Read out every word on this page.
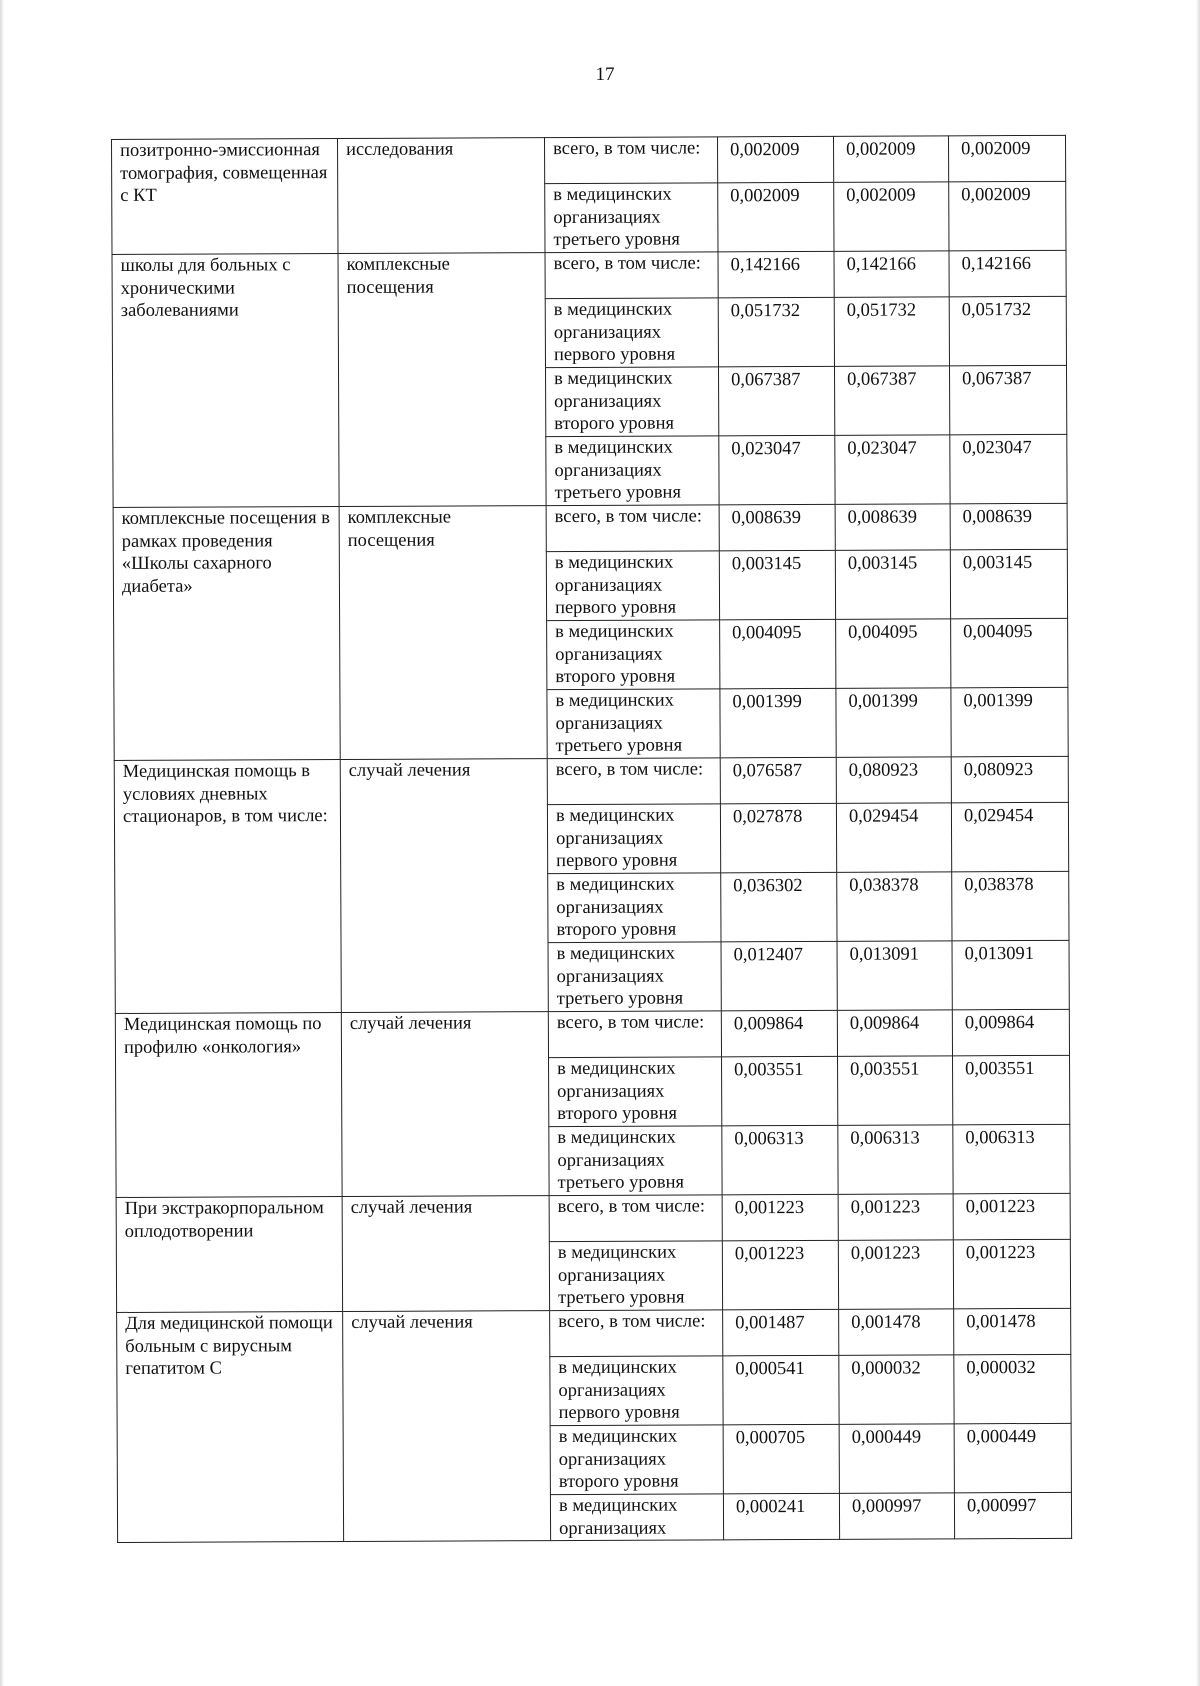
17
позитронно-эмиссионная томография, совмещенная с КТ	исследования	всего, в том числе:	0,002009	0,002009	0,002009
		в медицинских организациях третьего уровня	0,002009	0,002009	0,002009
школы для больных с хроническими заболеваниями	комплексные посещения	всего, в том числе:	0,142166	0,142166	0,142166
		в медицинских организациях первого уровня	0,051732	0,051732	0,051732
		в медицинских организациях второго уровня	0,067387	0,067387	0,067387
		в медицинских организациях третьего уровня	0,023047	0,023047	0,023047
комплексные посещения в рамках проведения «Школы сахарного диабета»	комплексные посещения	всего, в том числе:	0,008639	0,008639	0,008639
		в медицинских организациях первого уровня	0,003145	0,003145	0,003145
		в медицинских организациях второго уровня	0,004095	0,004095	0,004095
		в медицинских организациях третьего уровня	0,001399	0,001399	0,001399
Медицинская помощь в условиях дневных стационаров, в том числе:	случай лечения	всего, в том числе:	0,076587	0,080923	0,080923
		в медицинских организациях первого уровня	0,027878	0,029454	0,029454
		в медицинских организациях второго уровня	0,036302	0,038378	0,038378
		в медицинских организациях третьего уровня	0,012407	0,013091	0,013091
Медицинская помощь по профилю «онкология»	случай лечения	всего, в том числе:	0,009864	0,009864	0,009864
		в медицинских организациях второго уровня	0,003551	0,003551	0,003551
		в медицинских организациях третьего уровня	0,006313	0,006313	0,006313
При экстракорпоральном оплодотворении	случай лечения	всего, в том числе:	0,001223	0,001223	0,001223
		в медицинских организациях третьего уровня	0,001223	0,001223	0,001223
Для медицинской помощи больным с вирусным гепатитом С	случай лечения	всего, в том числе:	0,001487	0,001478	0,001478
		в медицинских организациях первого уровня	0,000541	0,000032	0,000032
		в медицинских организациях второго уровня	0,000705	0,000449	0,000449
		в медицинских организациях	0,000241	0,000997	0,000997
